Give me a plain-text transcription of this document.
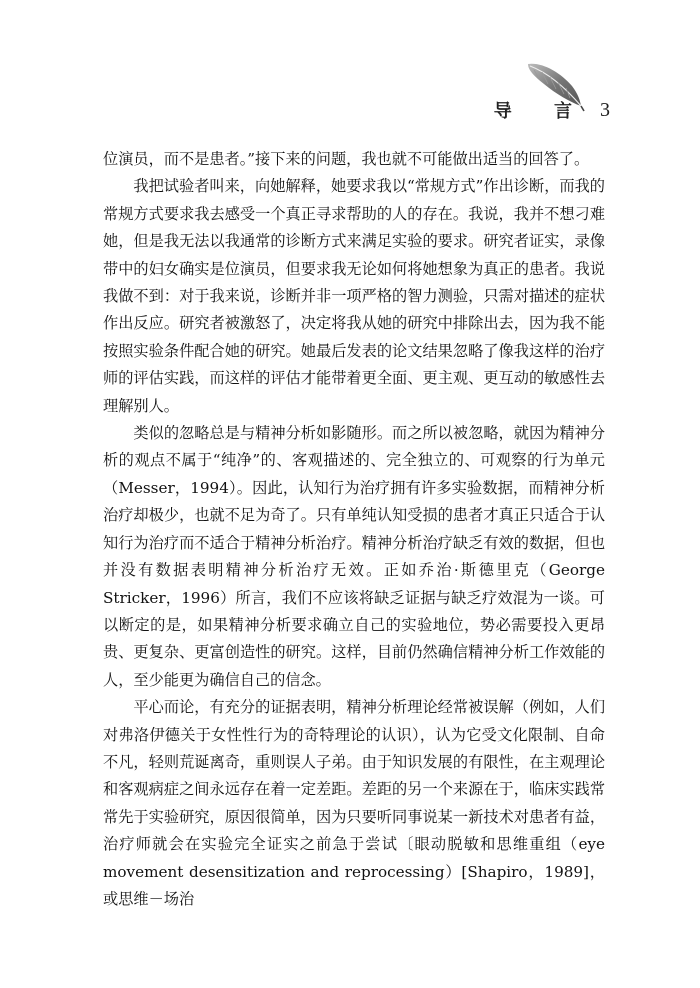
导 言 3

位演员，而不是患者。”接下来的问题，我也就不可能做出适当的回答了。

我把试验者叫来，向她解释，她要求我以“常规方式”作出诊断，而我的常规方式要求我去感受一个真正寻求帮助的人的存在。我说，我并不想刁难她，但是我无法以我通常的诊断方式来满足实验的要求。研究者证实，录像带中的妇女确实是位演员，但要求我无论如何将她想象为真正的患者。我说我做不到：对于我来说，诊断并非一项严格的智力测验，只需对描述的症状作出反应。研究者被激怒了，决定将我从她的研究中排除出去，因为我不能按照实验条件配合她的研究。她最后发表的论文结果忽略了像我这样的治疗师的评估实践，而这样的评估才能带着更全面、更主观、更互动的敏感性去理解别人。

类似的忽略总是与精神分析如影随形。而之所以被忽略，就因为精神分析的观点不属于“纯净”的、客观描述的、完全独立的、可观察的行为单元（Messer，1994）。因此，认知行为治疗拥有许多实验数据，而精神分析治疗却极少，也就不足为奇了。只有单纯认知受损的患者才真正只适合于认知行为治疗而不适合于精神分析治疗。精神分析治疗缺乏有效的数据，但也并没有数据表明精神分析治疗无效。正如乔治·斯德里克（George Stricker，1996）所言，我们不应该将缺乏证据与缺乏疗效混为一谈。可以断定的是，如果精神分析要求确立自己的实验地位，势必需要投入更昂贵、更复杂、更富创造性的研究。这样，目前仍然确信精神分析工作效能的人，至少能更为确信自己的信念。

平心而论，有充分的证据表明，精神分析理论经常被误解（例如，人们对弗洛伊德关于女性性行为的奇特理论的认识），认为它受文化限制、自命不凡，轻则荒诞离奇，重则误人子弟。由于知识发展的有限性，在主观理论和客观病症之间永远存在着一定差距。差距的另一个来源在于，临床实践常常先于实验研究，原因很简单，因为只要听同事说某一新技术对患者有益，治疗师就会在实验完全证实之前急于尝试〔眼动脱敏和思维重组（eye movement desensitization and reprocessing）[Shapiro，1989]，或思维－场治
